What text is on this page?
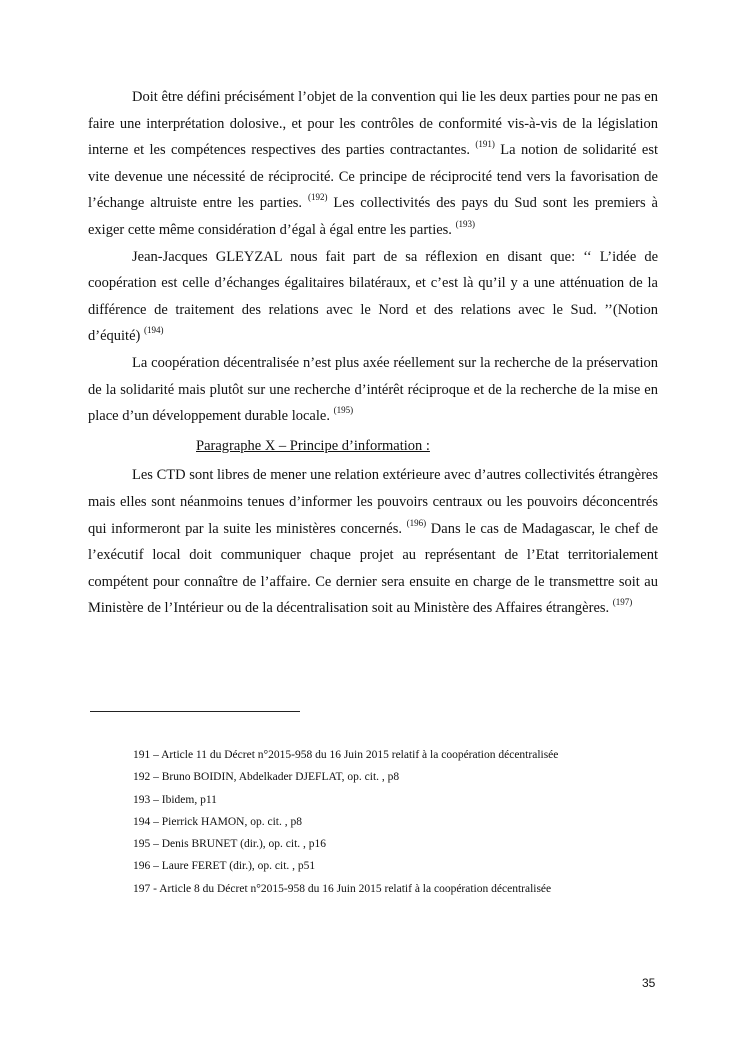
Doit être défini précisément l’objet de la convention qui lie les deux parties pour ne pas en faire une interprétation dolosive., et pour les contrôles de conformité vis-à-vis de la législation interne et les compétences respectives des parties contractantes. $^{(191)}$ La notion de solidarité est vite devenue une nécessité de réciprocité. Ce principe de réciprocité tend vers la favorisation de l’échange altruiste entre les parties. $^{(192)}$ Les collectivités des pays du Sud sont les premiers à exiger cette même considération d’égal à égal entre les parties. $^{(193)}$

Jean-Jacques GLEYZAL nous fait part de sa réflexion en disant que: ‘‘ L’idée de coopération est celle d’échanges égalitaires bilatéraux, et c’est là qu’il y a une atténuation de la différence de traitement des relations avec le Nord et des relations avec le Sud. ’’(Notion d’équité) $^{(194)}$

La coopération décentralisée n’est plus axée réellement sur la recherche de la préservation de la solidarité mais plutôt sur une recherche d’intérêt réciproque et de la recherche de la mise en place d’un développement durable locale. $^{(195)}$

Paragraphe X – Principe d’information :

Les CTD sont libres de mener une relation extérieure avec d’autres collectivités étrangères mais elles sont néanmoins tenues d’informer les pouvoirs centraux ou les pouvoirs déconcentrés qui informeront par la suite les ministères concernés. $^{(196)}$ Dans le cas de Madagascar, le chef de l’exécutif local doit communiquer chaque projet au représentant de l’Etat territorialement compétent pour connaître de l’affaire. Ce dernier sera ensuite en charge de le transmettre soit au Ministère de l’Intérieur ou de la décentralisation soit au Ministère des Affaires étrangères. $^{(197)}$

191 – Article 11 du Décret n°2015-958 du 16 Juin 2015 relatif à la coopération décentralisée
192 – Bruno BOIDIN, Abdelkader DJEFLAT, op. cit. , p8
193 – Ibidem, p11
194 – Pierrick HAMON, op. cit. , p8
195 – Denis BRUNET (dir.), op. cit. , p16
196 – Laure FERET (dir.), op. cit. , p51
197 - Article 8 du Décret n°2015-958 du 16 Juin 2015 relatif à la coopération décentralisée
35
